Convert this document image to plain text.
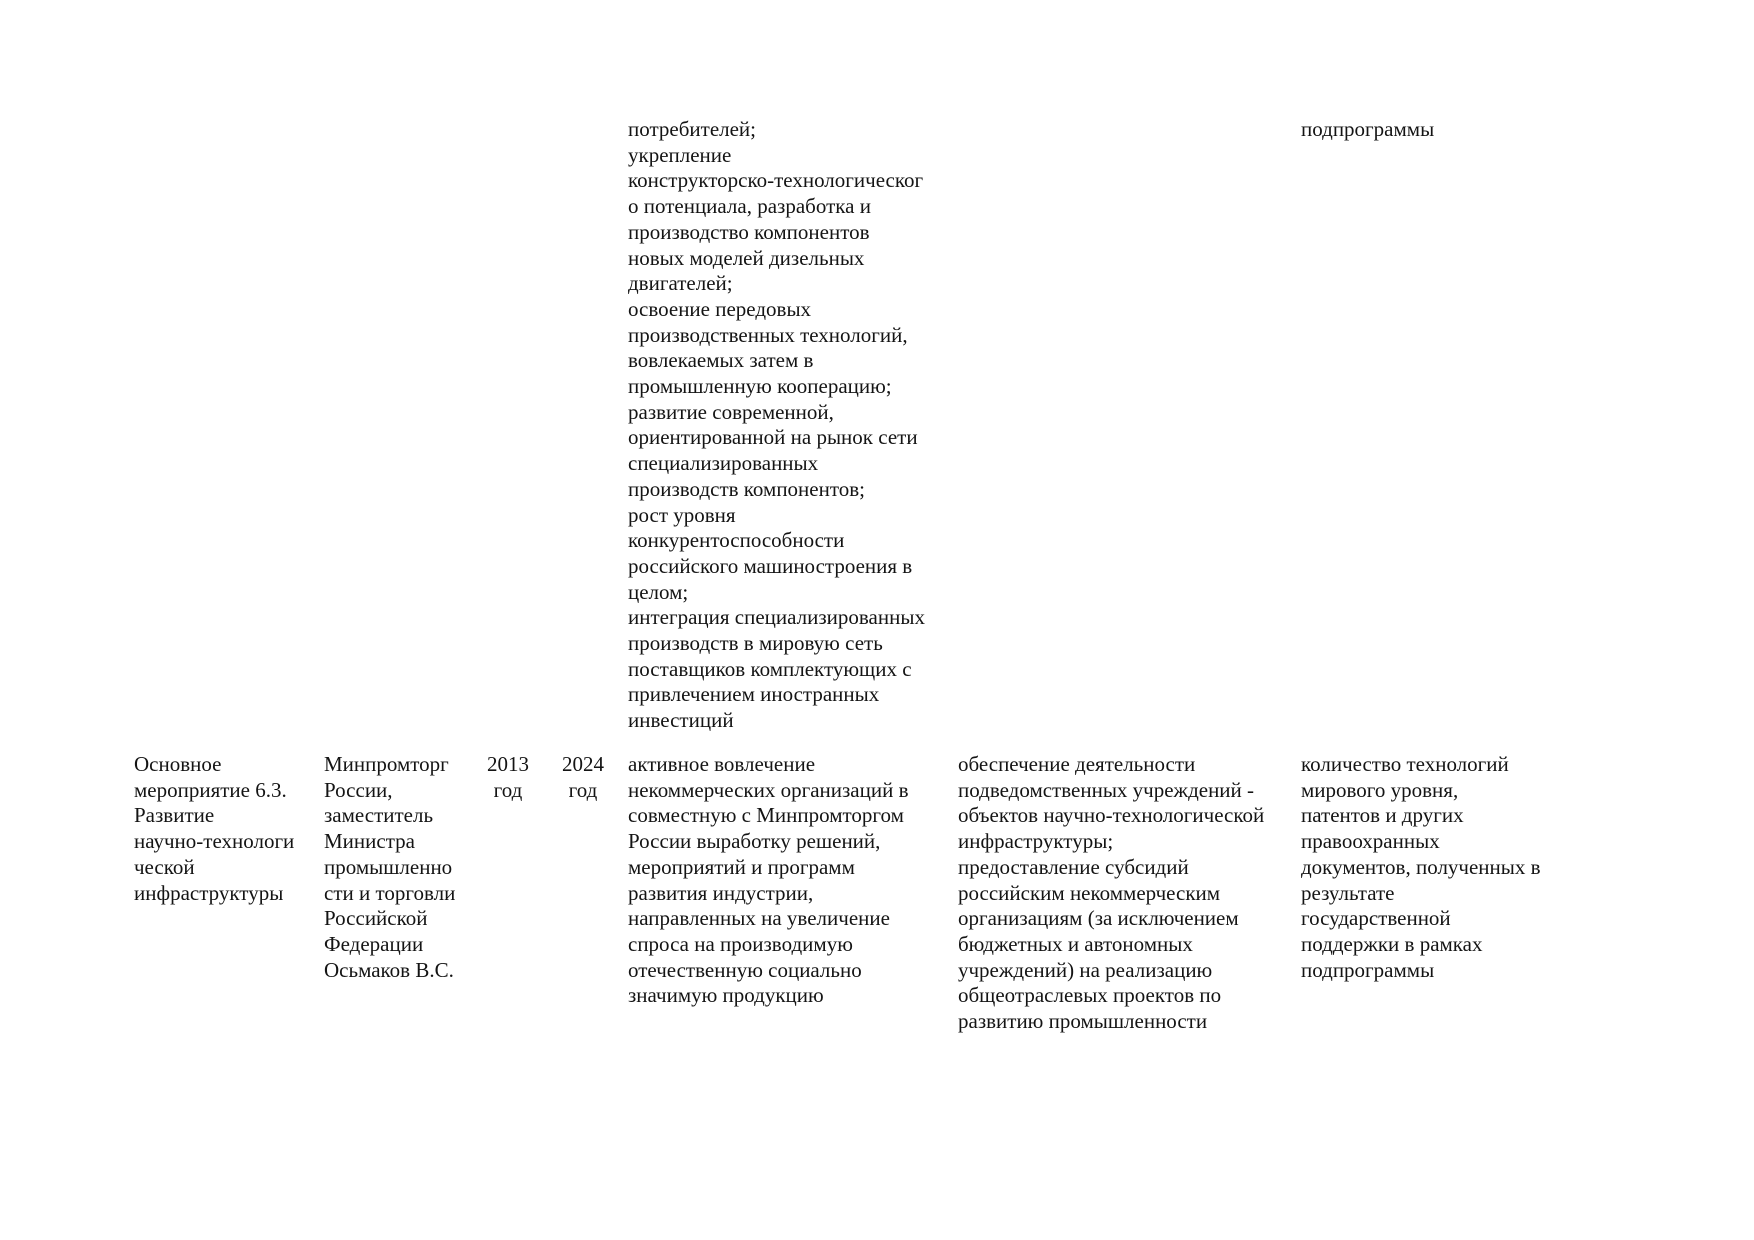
потребителей;
укрепление
конструкторско-технологическог
о потенциала, разработка и
производство компонентов
новых моделей дизельных
двигателей;
освоение передовых
производственных технологий,
вовлекаемых затем в
промышленную кооперацию;
развитие современной,
ориентированной на рынок сети
специализированных
производств компонентов;
рост уровня
конкурентоспособности
российского машиностроения в
целом;
интеграция специализированных
производств в мировую сеть
поставщиков комплектующих с
привлечением иностранных
инвестиций

подпрограммы

Основное
мероприятие 6.3.
Развитие
научно-технологи
ческой
инфраструктуры

Минпромторг
России,
заместитель
Министра
промышленно
сти и торговли
Российской
Федерации
Осьмаков В.С.

2013
год

2024
год

активное вовлечение
некоммерческих организаций в
совместную с Минпромторгом
России выработку решений,
мероприятий и программ
развития индустрии,
направленных на увеличение
спроса на производимую
отечественную социально
значимую продукцию

обеспечение деятельности
подведомственных учреждений -
объектов научно-технологической
инфраструктуры;
предоставление субсидий
российским некоммерческим
организациям (за исключением
бюджетных и автономных
учреждений) на реализацию
общеотраслевых проектов по
развитию промышленности

количество технологий
мирового уровня,
патентов и других
правоохранных
документов, полученных в
результате
государственной
поддержки в рамках
подпрограммы
